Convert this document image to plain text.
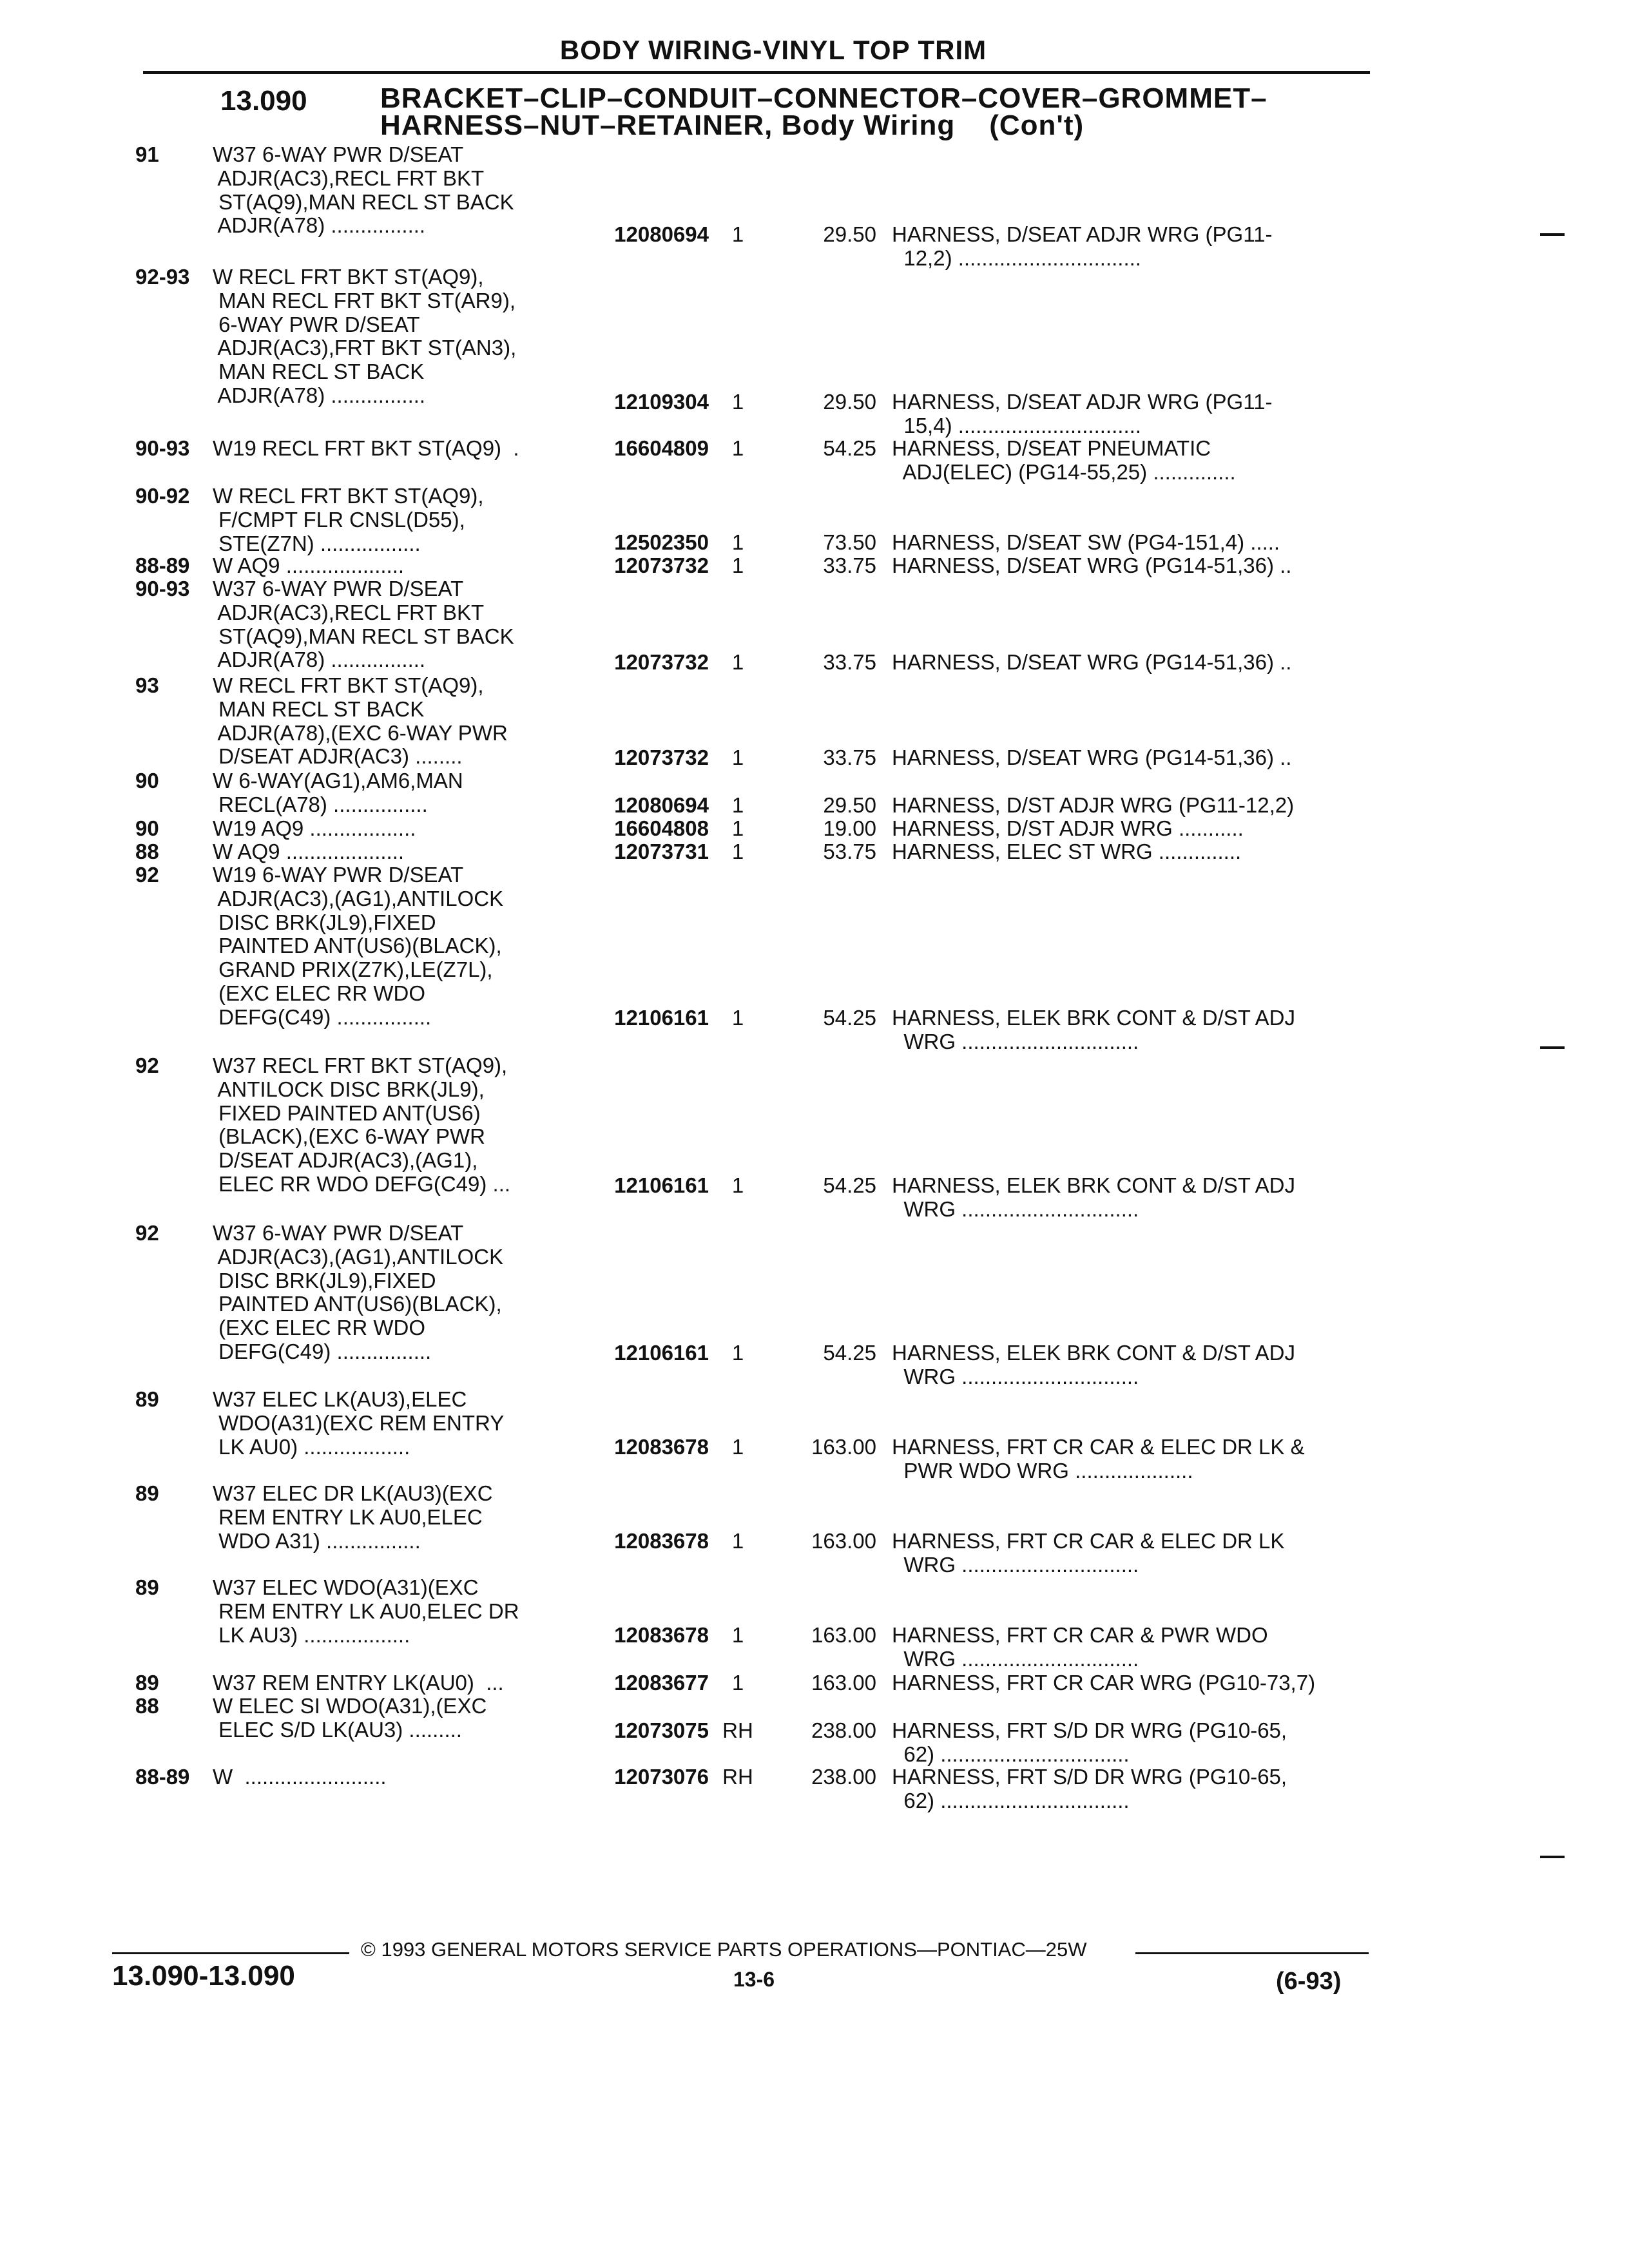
BODY WIRING-VINYL TOP TRIM
13.090	BRACKET–CLIP–CONDUIT–CONNECTOR–COVER–GROMMET–
HARNESS–NUT–RETAINER, Body Wiring    (Con't)
91	W37 6-WAY PWR D/SEAT
ADJR(AC3),RECL FRT BKT
ST(AQ9),MAN RECL ST BACK
ADJR(A78) ................	12080694	1	29.50 HARNESS, D/SEAT ADJR WRG (PG11-
12,2) ...............................
92-93	W RECL FRT BKT ST(AQ9),
MAN RECL FRT BKT ST(AR9),
6-WAY PWR D/SEAT
ADJR(AC3),FRT BKT ST(AN3),
MAN RECL ST BACK
ADJR(A78) ................	12109304	1	29.50 HARNESS, D/SEAT ADJR WRG (PG11-
15,4) ...............................
90-93	W19 RECL FRT BKT ST(AQ9)  .	16604809	1	54.25 HARNESS, D/SEAT PNEUMATIC
ADJ(ELEC) (PG14-55,25) ..............
90-92	W RECL FRT BKT ST(AQ9),
F/CMPT FLR CNSL(D55),
STE(Z7N) .................	12502350	1	73.50 HARNESS, D/SEAT SW (PG4-151,4) .....
88-89	W AQ9 ....................	12073732	1	33.75 HARNESS, D/SEAT WRG (PG14-51,36) ..
90-93	W37 6-WAY PWR D/SEAT
ADJR(AC3),RECL FRT BKT
ST(AQ9),MAN RECL ST BACK
ADJR(A78) ................	12073732	1	33.75 HARNESS, D/SEAT WRG (PG14-51,36) ..
93	W RECL FRT BKT ST(AQ9),
MAN RECL ST BACK
ADJR(A78),(EXC 6-WAY PWR
D/SEAT ADJR(AC3) ........	12073732	1	33.75 HARNESS, D/SEAT WRG (PG14-51,36) ..
90	W 6-WAY(AG1),AM6,MAN
RECL(A78) ................	12080694	1	29.50 HARNESS, D/ST ADJR WRG (PG11-12,2)
90	W19 AQ9 ..................	16604808	1	19.00 HARNESS, D/ST ADJR WRG ...........
88	W AQ9 ....................	12073731	1	53.75 HARNESS, ELEC ST WRG ..............
92	W19 6-WAY PWR D/SEAT
ADJR(AC3),(AG1),ANTILOCK
DISC BRK(JL9),FIXED
PAINTED ANT(US6)(BLACK),
GRAND PRIX(Z7K),LE(Z7L),
(EXC ELEC RR WDO
DEFG(C49) ................	12106161	1	54.25 HARNESS, ELEK BRK CONT & D/ST ADJ
WRG ..............................
92	W37 RECL FRT BKT ST(AQ9),
ANTILOCK DISC BRK(JL9),
FIXED PAINTED ANT(US6)
(BLACK),(EXC 6-WAY PWR
D/SEAT ADJR(AC3),(AG1),
ELEC RR WDO DEFG(C49) ...	12106161	1	54.25 HARNESS, ELEK BRK CONT & D/ST ADJ
WRG ..............................
92	W37 6-WAY PWR D/SEAT
ADJR(AC3),(AG1),ANTILOCK
DISC BRK(JL9),FIXED
PAINTED ANT(US6)(BLACK),
(EXC ELEC RR WDO
DEFG(C49) ................	12106161	1	54.25 HARNESS, ELEK BRK CONT & D/ST ADJ
WRG ..............................
89	W37 ELEC LK(AU3),ELEC
WDO(A31)(EXC REM ENTRY
LK AU0) ..................	12083678	1	163.00 HARNESS, FRT CR CAR & ELEC DR LK &
PWR WDO WRG ....................
89	W37 ELEC DR LK(AU3)(EXC
REM ENTRY LK AU0,ELEC
WDO A31) ................	12083678	1	163.00 HARNESS, FRT CR CAR & ELEC DR LK
WRG ..............................
89	W37 ELEC WDO(A31)(EXC
REM ENTRY LK AU0,ELEC DR
LK AU3) ..................	12083678	1	163.00 HARNESS, FRT CR CAR & PWR WDO
WRG ..............................
89	W37 REM ENTRY LK(AU0)  ...	12083677	1	163.00 HARNESS, FRT CR CAR WRG (PG10-73,7)
88	W ELEC SI WDO(A31),(EXC
ELEC S/D LK(AU3) .........	12073075 RH	238.00 HARNESS, FRT S/D DR WRG (PG10-65,
62) ................................
88-89	W  ........................	12073076 RH	238.00 HARNESS, FRT S/D DR WRG (PG10-65,
62) ................................
© 1993 GENERAL MOTORS SERVICE PARTS OPERATIONS—PONTIAC—25W
13.090-13.090	13-6	(6-93)
